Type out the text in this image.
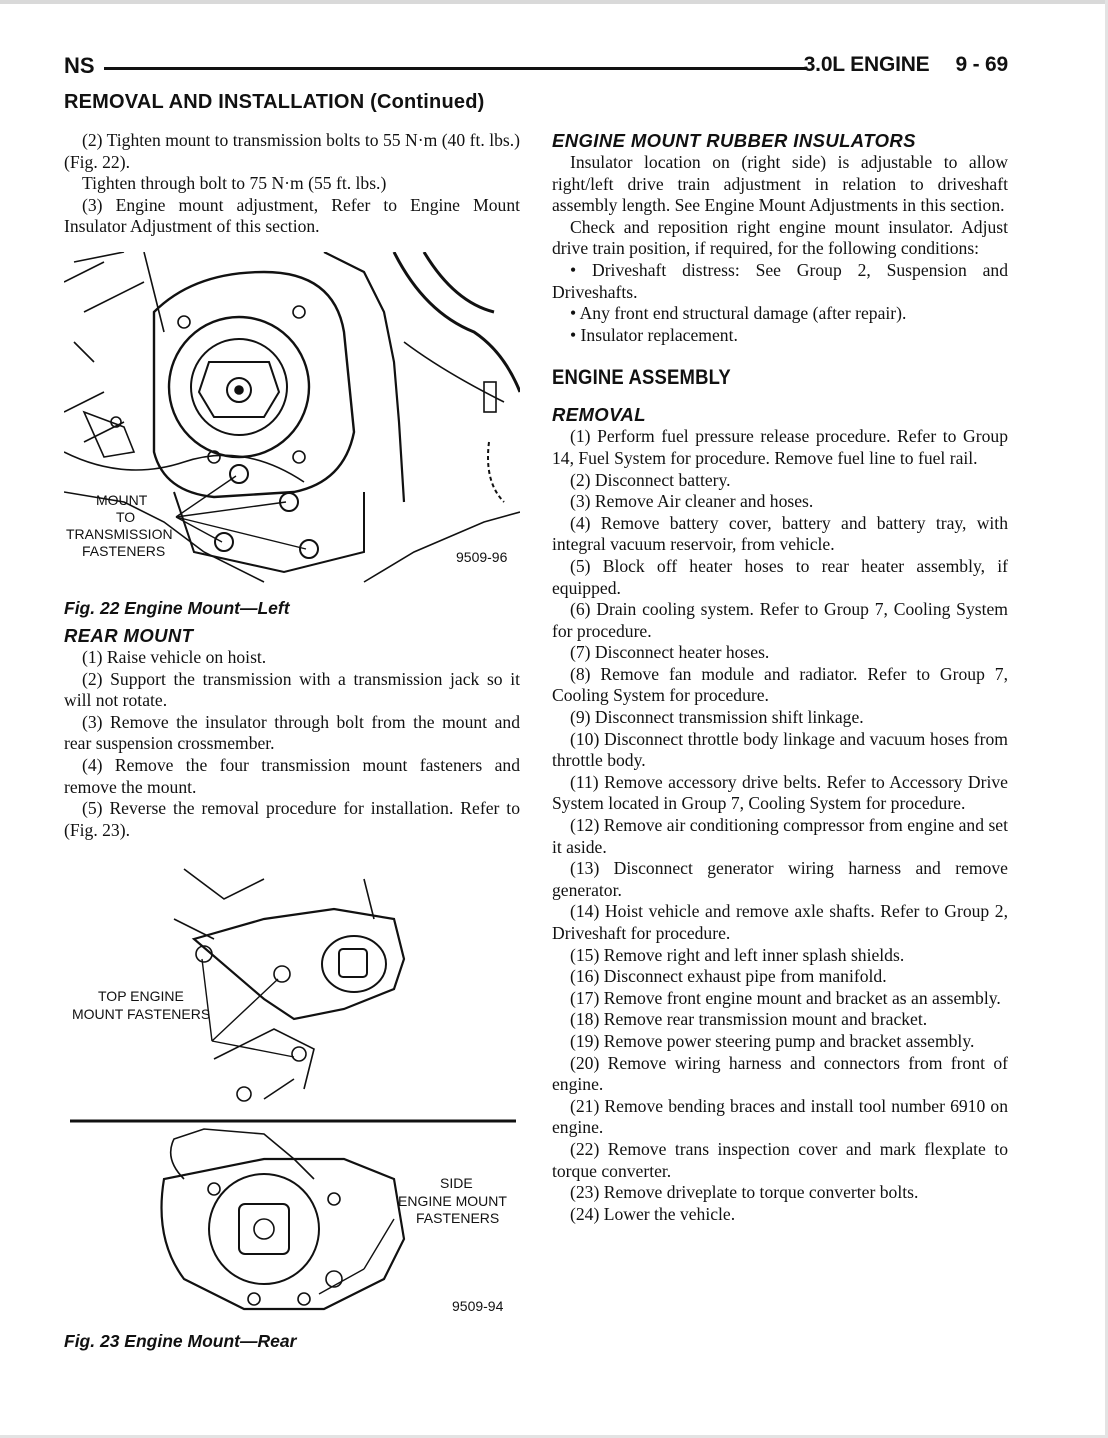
NS	3.0L ENGINE 9 - 69
REMOVAL AND INSTALLATION (Continued)

(2) Tighten mount to transmission bolts to 55 N·m (40 ft. lbs.) (Fig. 22).

Tighten through bolt to 75 N·m (55 ft. lbs.)

(3) Engine mount adjustment, Refer to Engine Mount Insulator Adjustment of this section.

MOUNT
TO
TRANSMISSION
FASTENERS	9509-96

Fig. 22 Engine Mount—Left

REAR MOUNT

(1) Raise vehicle on hoist.

(2) Support the transmission with a transmission jack so it will not rotate.

(3) Remove the insulator through bolt from the mount and rear suspension crossmember.

(4) Remove the four transmission mount fasteners and remove the mount.

(5) Reverse the removal procedure for installation. Refer to (Fig. 23).

TOP ENGINE
MOUNT FASTENERS
SIDE
ENGINE MOUNT
FASTENERS
9509-94

Fig. 23 Engine Mount—Rear

ENGINE MOUNT RUBBER INSULATORS

Insulator location on (right side) is adjustable to allow right/left drive train adjustment in relation to driveshaft assembly length. See Engine Mount Adjustments in this section.

Check and reposition right engine mount insulator. Adjust drive train position, if required, for the following conditions:

• Driveshaft distress: See Group 2, Suspension and Driveshafts.

• Any front end structural damage (after repair).

• Insulator replacement.

ENGINE ASSEMBLY
REMOVAL

(1) Perform fuel pressure release procedure. Refer to Group 14, Fuel System for procedure. Remove fuel line to fuel rail.

(2) Disconnect battery.

(3) Remove Air cleaner and hoses.

(4) Remove battery cover, battery and battery tray, with integral vacuum reservoir, from vehicle.

(5) Block off heater hoses to rear heater assembly, if equipped.

(6) Drain cooling system. Refer to Group 7, Cooling System for procedure.

(7) Disconnect heater hoses.

(8) Remove fan module and radiator. Refer to Group 7, Cooling System for procedure.

(9) Disconnect transmission shift linkage.

(10) Disconnect throttle body linkage and vacuum hoses from throttle body.

(11) Remove accessory drive belts. Refer to Accessory Drive System located in Group 7, Cooling System for procedure.

(12) Remove air conditioning compressor from engine and set it aside.

(13) Disconnect generator wiring harness and remove generator.

(14) Hoist vehicle and remove axle shafts. Refer to Group 2, Driveshaft for procedure.

(15) Remove right and left inner splash shields.

(16) Disconnect exhaust pipe from manifold.

(17) Remove front engine mount and bracket as an assembly.

(18) Remove rear transmission mount and bracket.

(19) Remove power steering pump and bracket assembly.

(20) Remove wiring harness and connectors from front of engine.

(21) Remove bending braces and install tool number 6910 on engine.

(22) Remove trans inspection cover and mark flexplate to torque converter.

(23) Remove driveplate to torque converter bolts.

(24) Lower the vehicle.
